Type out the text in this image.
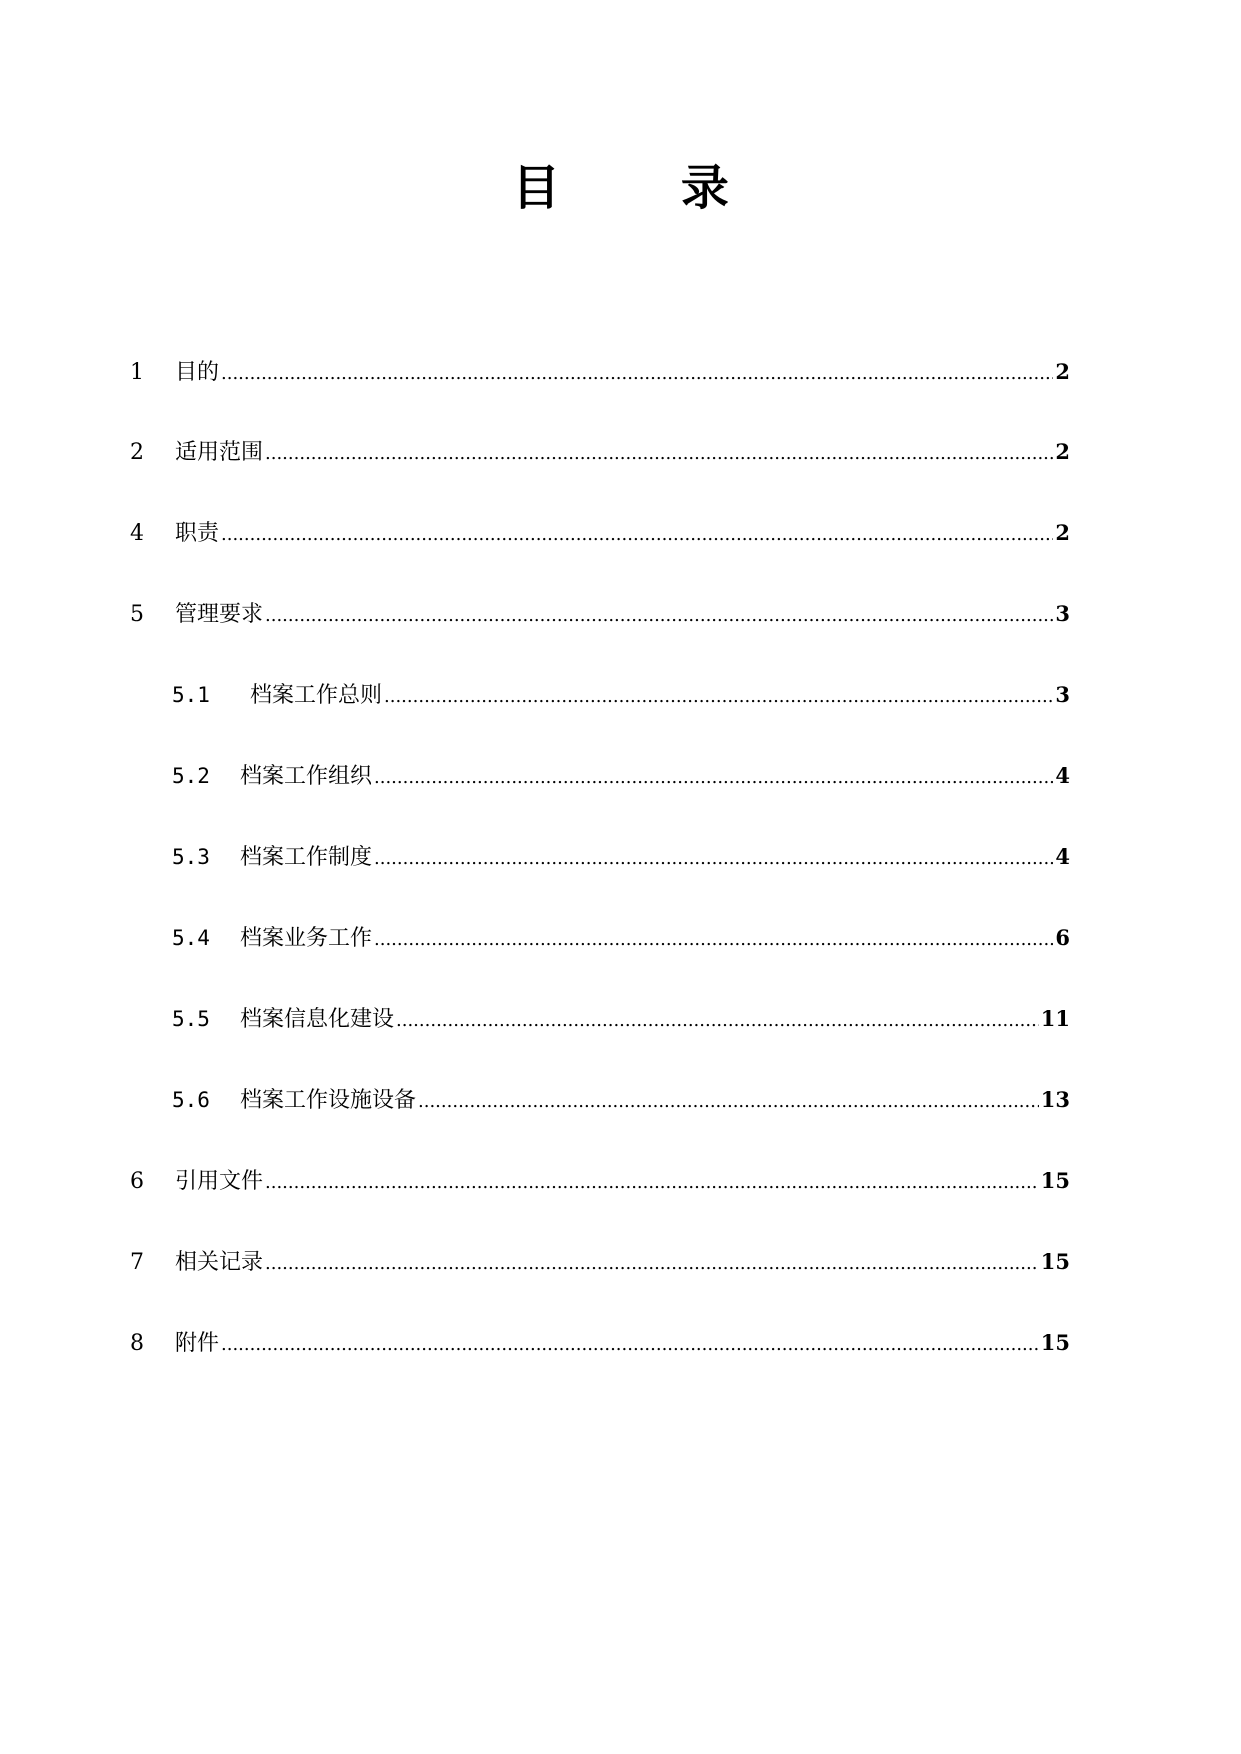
目 录
1	目的 .....	2
2	适用范围 .....	2
4	职责 .....	2
5	管理要求 .....	3
5.1	档案工作总则 .....	3
5.2	档案工作组织 .....	4
5.3	档案工作制度 .....	4
5.4	档案业务工作 .....	6
5.5	档案信息化建设 .....	11
5.6	档案工作设施设备 .....	13
6	引用文件 .....	15
7	相关记录 .....	15
8	附件 .....	15
